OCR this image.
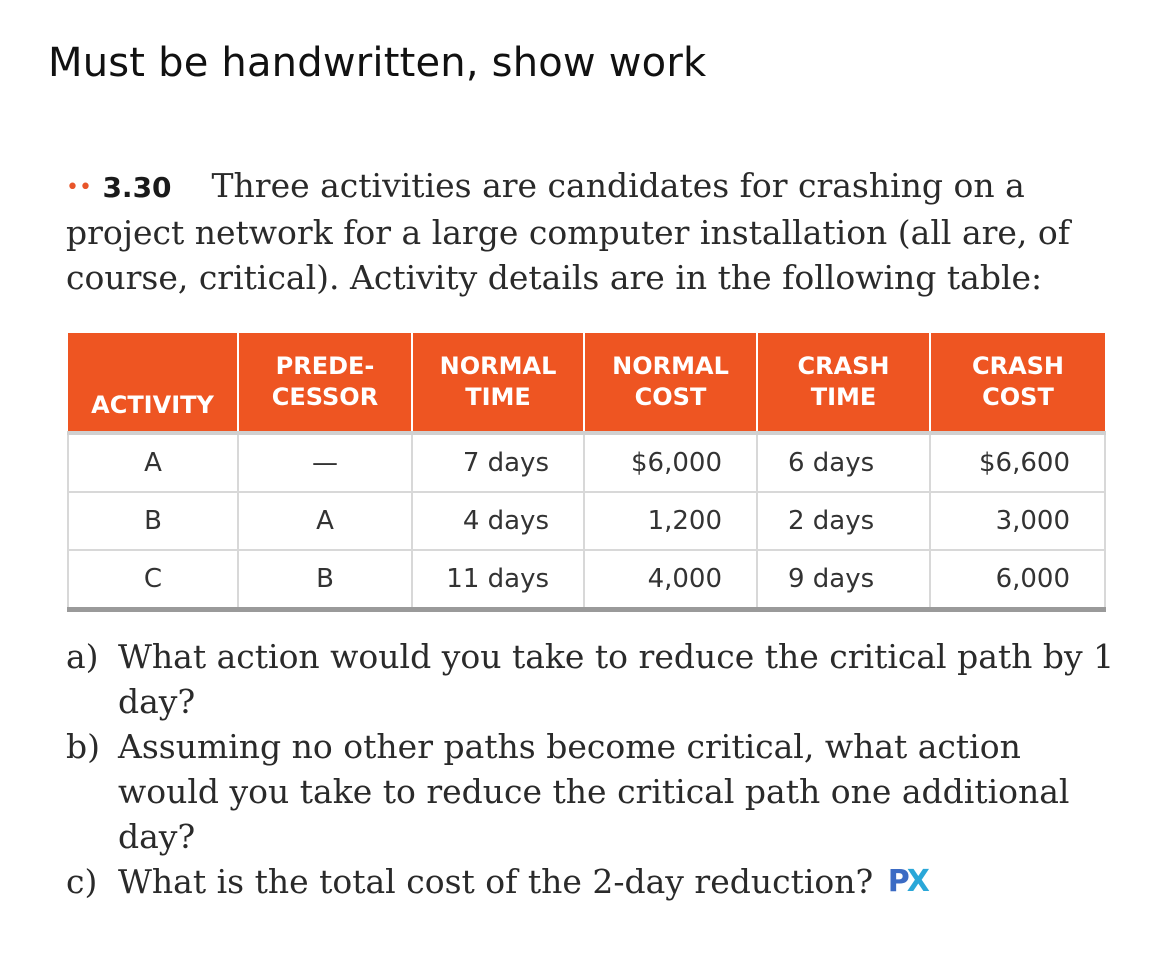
Must be handwritten, show work
•• 3.30 Three activities are candidates for crashing on a project network for a large computer installation (all are, of course, critical). Activity details are in the following table:
ACTIVITY	PREDE- CESSOR	NORMAL TIME	NORMAL COST	CRASH TIME	CRASH COST
A	—	7 days	$6,000	6 days	$6,600
B	A	4 days	1,200	2 days	3,000
C	B	11 days	4,000	9 days	6,000
a) What action would you take to reduce the critical path by 1 day?
b) Assuming no other paths become critical, what action would you take to reduce the critical path one additional day?
c) What is the total cost of the 2-day reduction? PX
